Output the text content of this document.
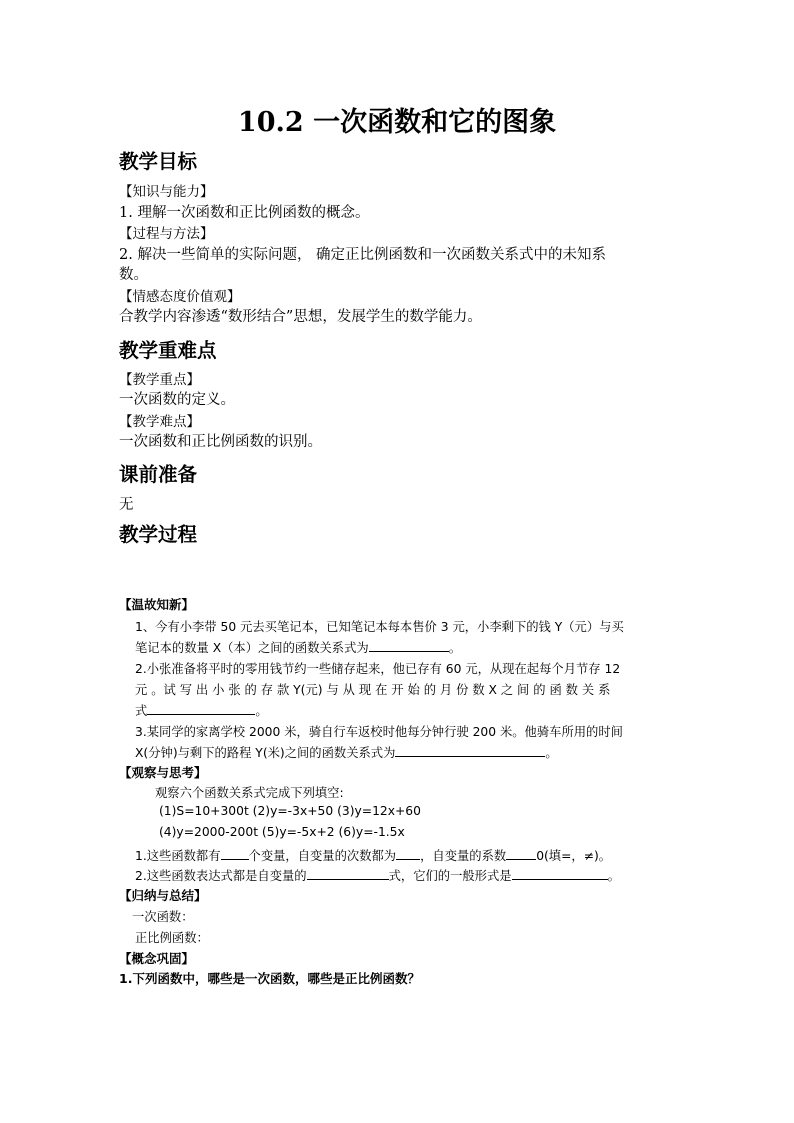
10.2 一次函数和它的图象
教学目标
【知识与能力】
1. 理解一次函数和正比例函数的概念。
【过程与方法】
2. 解决一些简单的实际问题， 确定正比例函数和一次函数关系式中的未知系
数。
【情感态度价值观】
合教学内容渗透“数形结合”思想，发展学生的数学能力。
教学重难点
【教学重点】
一次函数的定义。
【教学难点】
一次函数和正比例函数的识别。
课前准备
无
教学过程
【温故知新】
1、今有小李带 50 元去买笔记本，已知笔记本每本售价 3 元，小李剩下的钱 Y（元）与买
笔记本的数量 X（本）之间的函数关系式为	。
2.小张准备将平时的零用钱节约一些储存起来，他已存有 60 元，从现在起每个月节存 12
元 。试 写 出 小 张 的 存 款 Y(元) 与 从 现 在 开 始 的 月 份 数 X 之 间 的 函 数 关 系
式	。
3.某同学的家离学校 2000 米，骑自行车返校时他每分钟行驶 200 米。他骑车所用的时间
X(分钟)与剩下的路程 Y(米)之间的函数关系式为	。
【观察与思考】
观察六个函数关系式完成下列填空:
(1)S=10+300t (2)y=-3x+50 (3)y=12x+60
(4)y=2000-200t (5)y=-5x+2 (6)y=-1.5x
1.这些函数都有 个变量，自变量的次数都为 ，自变量的系数 0(填=，≠)。
2.这些函数表达式都是自变量的	式，它们的一般形式是	。
【归纳与总结】
一次函数：
正比例函数：
【概念巩固】
1.下列函数中，哪些是一次函数，哪些是正比例函数？
